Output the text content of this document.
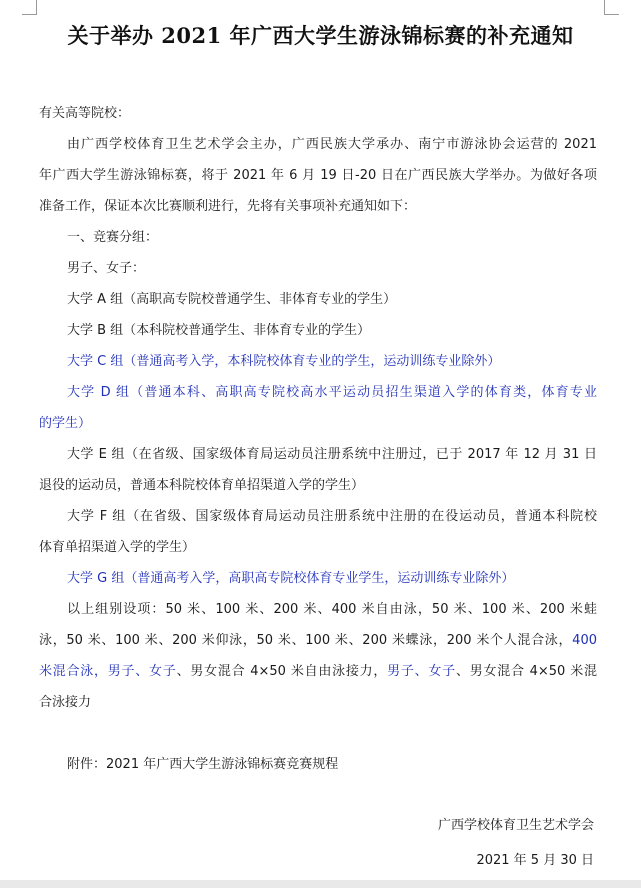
关于举办 2021 年广西大学生游泳锦标赛的补充通知
有关高等院校：
由广西学校体育卫生艺术学会主办，广西民族大学承办、南宁市游泳协会运营的 2021
年广西大学生游泳锦标赛，将于 2021 年 6 月 19 日-20 日在广西民族大学举办。为做好各项
准备工作，保证本次比赛顺利进行，先将有关事项补充通知如下：
一、竞赛分组：
男子、女子：
大学 A 组（高职高专院校普通学生、非体育专业的学生）
大学 B 组（本科院校普通学生、非体育专业的学生）
大学 C 组（普通高考入学，本科院校体育专业的学生，运动训练专业除外）
大学 D 组（普通本科、高职高专院校高水平运动员招生渠道入学的体育类，体育专业
的学生）
大学 E 组（在省级、国家级体育局运动员注册系统中注册过，已于 2017 年 12 月 31 日
退役的运动员，普通本科院校体育单招渠道入学的学生）
大学 F 组（在省级、国家级体育局运动员注册系统中注册的在役运动员，普通本科院校
体育单招渠道入学的学生）
大学 G 组（普通高考入学，高职高专院校体育专业学生，运动训练专业除外）
以上组别设项：50 米、100 米、200 米、400 米自由泳，50 米、100 米、200 米蛙
泳，50 米、100 米、200 米仰泳，50 米、100 米、200 米蝶泳，200 米个人混合泳，400
米混合泳，男子、女子、男女混合 4×50 米自由泳接力，男子、女子、男女混合 4×50 米混
合泳接力
附件：2021 年广西大学生游泳锦标赛竞赛规程
广西学校体育卫生艺术学会
2021 年 5 月 30 日
